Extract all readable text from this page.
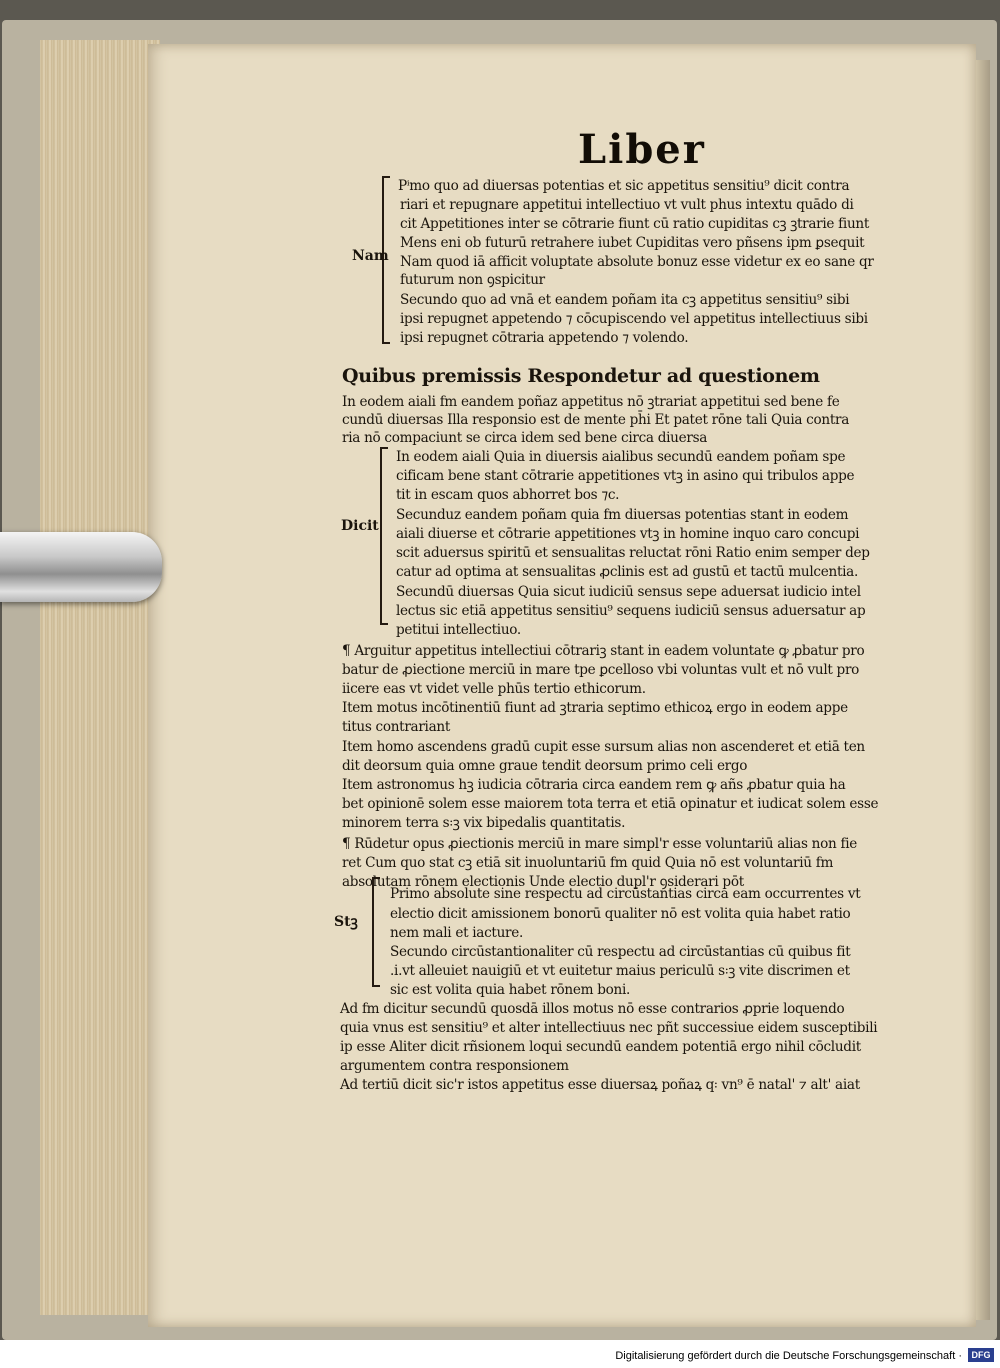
Liber
Nam
Dicit
Stꝫ
Pⁱmo quo ad diuersas potentias et sic appetitus sensitiu⁹ dicit contra
riari et repugnare appetitui intellectiuo vt vult phus intextu quādo di
cit Appetitiones inter se cōtrarie fiunt cū ratio cupiditas cꝫ ꝫtrarie fiunt
Mens eni ob futurū retrahere iubet Cupiditas vero pñsens ipm ꝑsequit
Nam quod iā afficit voluptate absolute bonuz esse videtur ex eo sane qr
futurum non ꝯspicitur
Secundo quo ad vnā et eandem poñam ita cꝫ appetitus sensitiu⁹ sibi
ipsi repugnet appetendo ⁊ cōcupiscendo vel appetitus intellectiuus sibi
ipsi repugnet cōtraria appetendo ⁊ volendo.
Quibus premissis Respondetur ad questionem
In eodem aiali fm eandem poñaz appetitus nō ꝫtrariat appetitui sed bene fe
cundū diuersas Illa responsio est de mente ph̄i Et patet rōne tali Quia contra
ria nō compaciunt se circa idem sed bene circa diuersa
In eodem aiali Quia in diuersis aialibus secundū eandem poñam spe
cificam bene stant cōtrarie appetitiones vtꝫ in asino qui tribulos appe
tit in escam quos abhorret bos ⁊c.
Secunduz eandem poñam quia fm diuersas potentias stant in eodem
aiali diuerse et cōtrarie appetitiones vtꝫ in homine inquo caro concupi
scit aduersus spiritū et sensualitas reluctat rōni Ratio enim semper dep
catur ad optima at sensualitas ꝓclinis est ad gustū et tactū mulcentia.
Secundū diuersas Quia sicut iudiciū sensus sepe aduersat iudicio intel
lectus sic etiā appetitus sensitiu⁹ sequens iudiciū sensus aduersatur ap
petitui intellectiuo.
¶ Arguitur appetitus intellectiui cōtrariꝫ stant in eadem voluntate ꝙ ꝓbatur pro
batur de ꝓiectione merciū in mare tpe ꝑcelloso vbi voluntas vult et nō vult pro
iicere eas vt videt velle phūs tertio ethicorum.
Item motus incōtinentiū fiunt ad ꝫtraria septimo ethicoꝝ ergo in eodem appe
titus contrariant
Item homo ascendens gradū cupit esse sursum alias non ascenderet et etiā ten
dit deorsum quia omne graue tendit deorsum primo celi ergo
Item astronomus hꝫ iudicia cōtraria circa eandem rem ꝙ añs ꝓbatur quia ha
bet opinionē solem esse maiorem tota terra et etiā opinatur et iudicat solem esse
minorem terra s꞉ꝫ vix bipedalis quantitatis.
¶ Rūdetur opus ꝓiectionis merciū in mare simpl'r esse voluntariū alias non fie
ret Cum quo stat cꝫ etiā sit inuoluntariū fm quid Quia nō est voluntariū fm
absolutam rōnem electionis Unde electio dupl'r ꝯsiderari pōt
Primo absolute sine respectu ad circūstantias circa eam occurrentes vt
electio dicit amissionem bonorū qualiter nō est volita quia habet ratio
nem mali et iacture.
Secundo circūstantionaliter cū respectu ad circūstantias cū quibus fit
.i.vt alleuiet nauigiū et vt euitetur maius periculū s꞉ꝫ vite discrimen et
sic est volita quia habet rōnem boni.
Ad fm dicitur secundū quosdā illos motus nō esse contrarios ꝓprie loquendo
quia vnus est sensitiu⁹ et alter intellectiuus nec pñt successiue eidem susceptibili
ip esse Aliter dicit rñsionem loqui secundū eandem potentiā ergo nihil cōcludit
argumentem contra responsionem
Ad tertiū dicit sic'r istos appetitus esse diuersaꝝ poñaꝝ q꞉ vn⁹ ē natal' ⁊ alt' aiat
Digitalisierung gefördert durch die Deutsche Forschungsgemeinschaft ·	DFG
